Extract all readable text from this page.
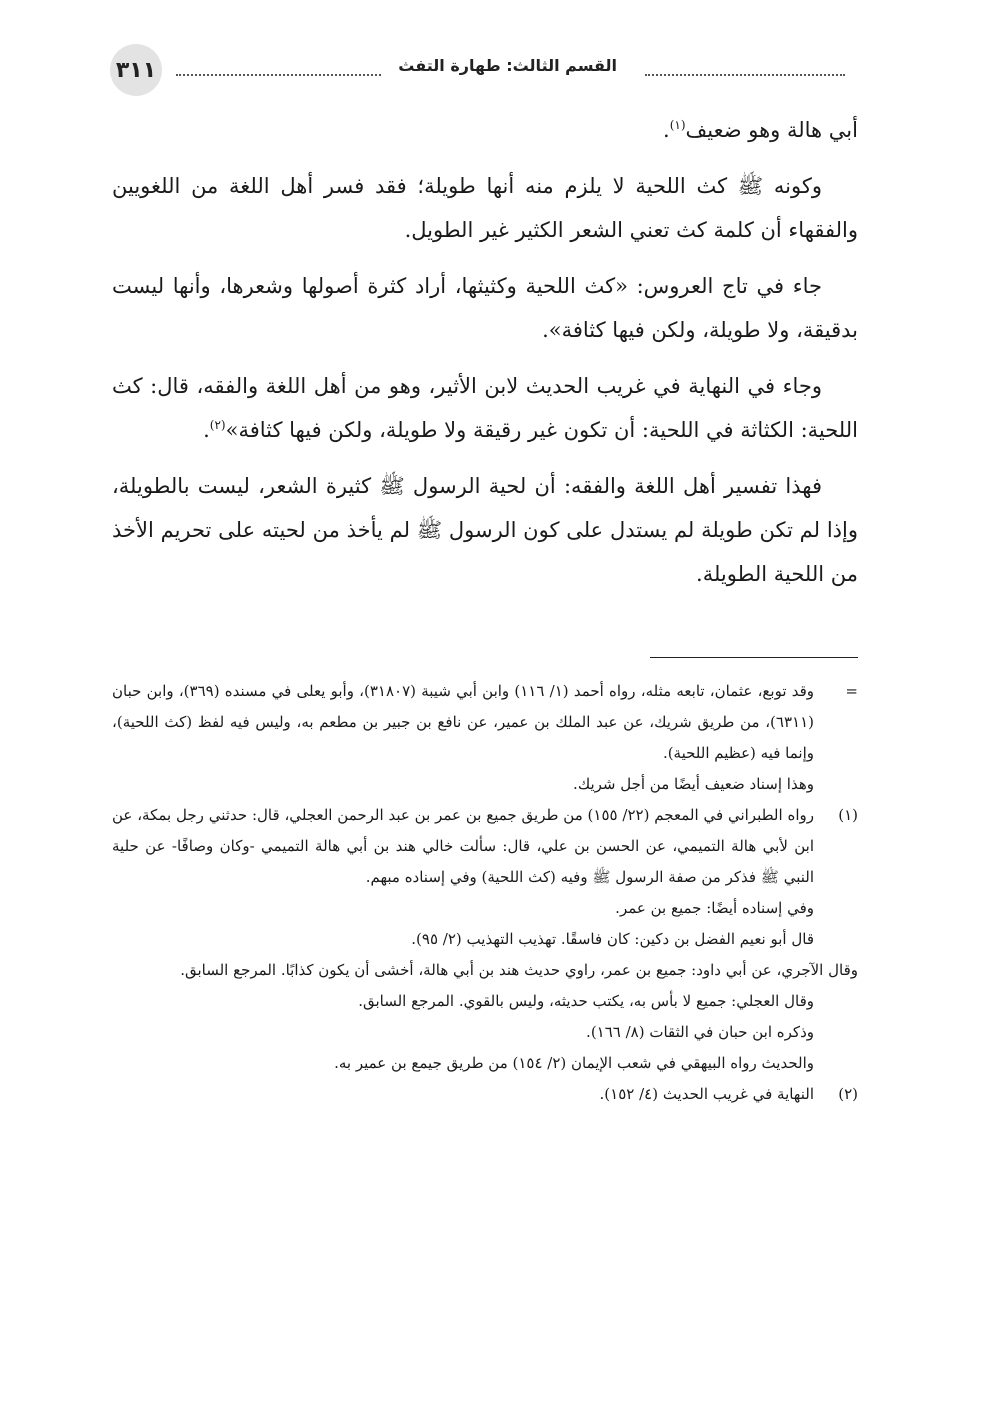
القسم الثالث: طهارة التفث
٣١١

أبي هالة وهو ضعيف$^{(١)}$.

وكونه ﷺ كث اللحية لا يلزم منه أنها طويلة؛ فقد فسر أهل اللغة من اللغويين والفقهاء أن كلمة كث تعني الشعر الكثير غير الطويل.

جاء في تاج العروس: «كث اللحية وكثيثها، أراد كثرة أصولها وشعرها، وأنها ليست بدقيقة، ولا طويلة، ولكن فيها كثافة».

وجاء في النهاية في غريب الحديث لابن الأثير، وهو من أهل اللغة والفقه، قال: كث اللحية: الكثاثة في اللحية: أن تكون غير رقيقة ولا طويلة، ولكن فيها كثافة»$^{(٢)}$.

فهذا تفسير أهل اللغة والفقه: أن لحية الرسول ﷺ كثيرة الشعر، ليست بالطويلة، وإذا لم تكن طويلة لم يستدل على كون الرسول ﷺ لم يأخذ من لحيته على تحريم الأخذ من اللحية الطويلة.

=

وقد توبع، عثمان، تابعه مثله، رواه أحمد (١/ ١١٦) وابن أبي شيبة (٣١٨٠٧)، وأبو يعلى في مسنده (٣٦٩)، وابن حبان (٦٣١١)، من طريق شريك، عن عبد الملك بن عمير، عن نافع بن جبير بن مطعم به، وليس فيه لفظ (كث اللحية)، وإنما فيه (عظيم اللحية).

وهذا إسناد ضعيف أيضًا من أجل شريك.

(١)

رواه الطبراني في المعجم (٢٢/ ١٥٥) من طريق جميع بن عمر بن عبد الرحمن العجلي، قال: حدثني رجل بمكة، عن ابن لأبي هالة التميمي، عن الحسن بن علي، قال: سألت خالي هند بن أبي هالة التميمي -وكان وصافًا- عن حلية النبي ﷺ فذكر من صفة الرسول ﷺ وفيه (كث اللحية) وفي إسناده مبهم.

وفي إسناده أيضًا: جميع بن عمر.

قال أبو نعيم الفضل بن دكين: كان فاسقًا. تهذيب التهذيب (٢/ ٩٥).

وقال الآجري، عن أبي داود: جميع بن عمر، راوي حديث هند بن أبي هالة، أخشى أن يكون كذابًا. المرجع السابق.

وقال العجلي: جميع لا بأس به، يكتب حديثه، وليس بالقوي. المرجع السابق.

وذكره ابن حبان في الثقات (٨/ ١٦٦).

والحديث رواه البيهقي في شعب الإيمان (٢/ ١٥٤) من طريق جيمع بن عمير به.

(٢)

النهاية في غريب الحديث (٤/ ١٥٢).
